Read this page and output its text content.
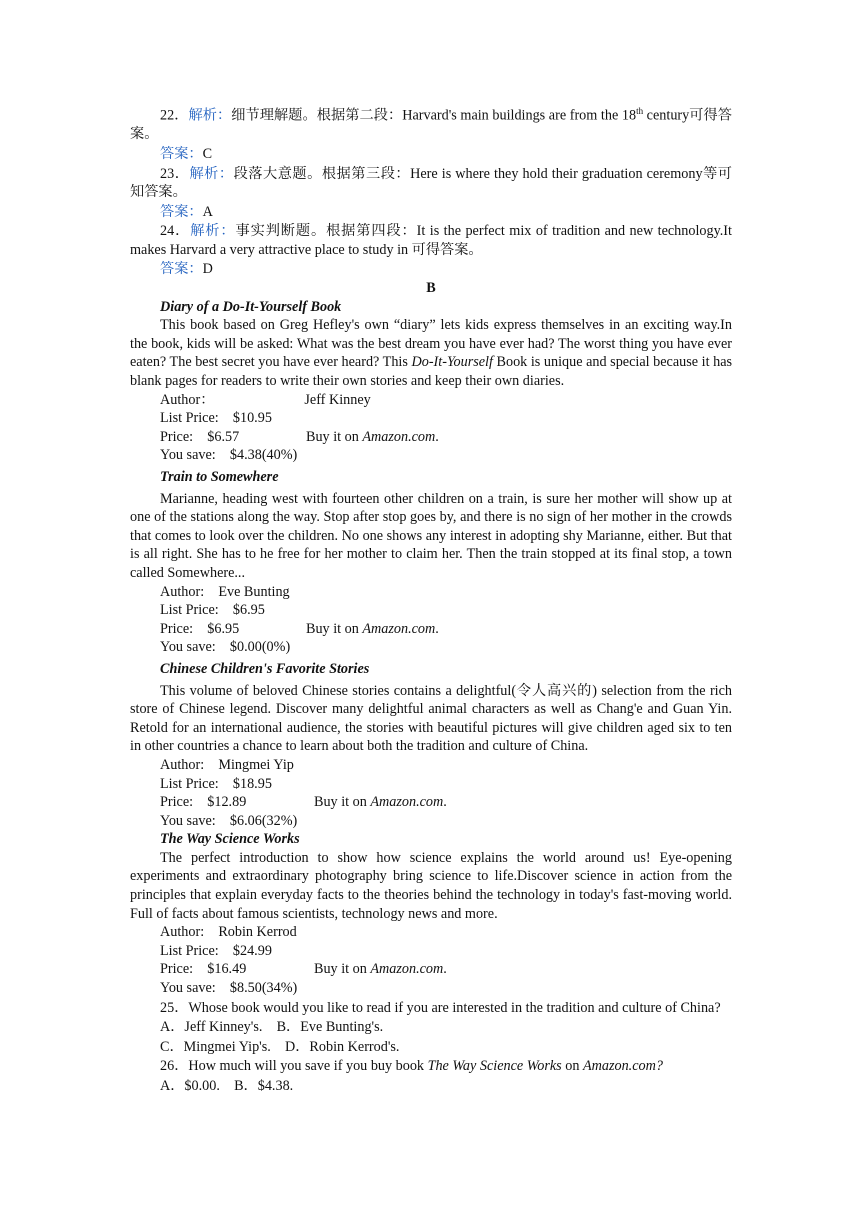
22．解析：细节理解题。根据第二段：Harvard's main buildings are from the 18th century可得答案。

答案：C

23．解析：段落大意题。根据第三段：Here is where they hold their graduation ceremony等可知答案。

答案：A

24．解析：事实判断题。根据第四段：It is the perfect mix of tradition and new technology.It makes Harvard a very attractive place to study in 可得答案。

答案：D

B

Diary of a Do-It-Yourself Book

This book based on Greg Hefley's own “diary” lets kids express themselves in an exciting way.In the book, kids will be asked: What was the best dream you have ever had? The worst thing you have ever eaten? The best secret you have ever heard? This Do-It-Yourself Book is unique and special because it has blank pages for readers to write their own stories and keep their own diaries.

Author：	Jeff Kinney

List Price:    $10.95

Price:    $6.57	Buy it on Amazon.com.

You save:    $4.38(40%)

Train to Somewhere

Marianne, heading west with fourteen other children on a train, is sure her mother will show up at one of the stations along the way. Stop after stop goes by, and there is no sign of her mother in the crowds that comes to look over the children. No one shows any interest in adopting shy Marianne, either. But that is all right. She has to he free for her mother to claim her. Then the train stopped at its final stop, a town called Somewhere...

Author:    Eve Bunting

List Price:    $6.95

Price:    $6.95	Buy it on Amazon.com.

You save:    $0.00(0%)

Chinese Children's Favorite Stories

This volume of beloved Chinese stories contains a delightful(令人高兴的) selection from the rich store of Chinese legend. Discover many delightful animal characters as well as Chang'e and Guan Yin. Retold for an international audience, the stories with beautiful pictures will give children aged six to ten in other countries a chance to learn about both the tradition and culture of China.

Author:    Mingmei Yip

List Price:    $18.95

Price:    $12.89	Buy it on Amazon.com.

You save:    $6.06(32%)

The Way Science Works

The perfect introduction to show how science explains the world around us! Eye-opening experiments and extraordinary photography bring science to life.Discover science in action from the principles that explain everyday facts to the theories behind the technology in today's fast-moving world. Full of facts about famous scientists, technology news and more.

Author:    Robin Kerrod

List Price:    $24.99

Price:    $16.49	Buy it on Amazon.com.

You save:    $8.50(34%)

25．Whose book would you like to read if you are interested in the tradition and culture of China?

A．Jeff Kinney's.    B．Eve Bunting's.

C．Mingmei Yip's.    D．Robin Kerrod's.

26．How much will you save if you buy book The Way Science Works on Amazon.com?

A．$0.00.    B．$4.38.
